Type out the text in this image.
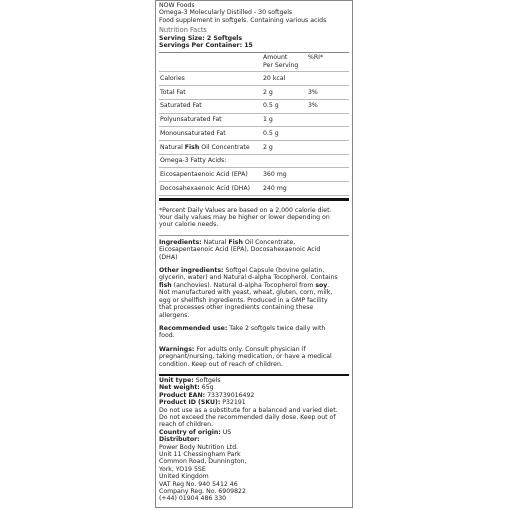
NOW Foods
Omega-3 Molecularly Distilled - 30 softgels
Food supplement in softgels. Containing various acids
Nutrition Facts
Serving Size: 2 Softgels
Servings Per Container: 15
Amount
Per Serving
%RI*
Calories	20 kcal
Total Fat	2 g	3%
Saturated Fat	0.5 g	3%
Polyunsaturated Fat	1 g
Monounsaturated Fat	0.5 g
Natural Fish Oil Concentrate	2 g
Omega-3 Fatty Acids:
Eicosapentaenoic Acid (EPA)	360 mg
Docosahexaenoic Acid (DHA)	240 mg
*Percent Daily Values are based on a 2,000 calorie diet.
Your daily values may be higher or lower depending on
your calorie needs.
Ingredients: Natural Fish Oil Concentrate,
Eicosapentaenoic Acid (EPA), Docosahexaenoic Acid
(DHA)
Other ingredients: Softgel Capsule (bovine gelatin,
glycerin, water) and Natural d-alpha Tocopherol. Contains
fish (anchovies). Natural d-alpha Tocopherol from soy.
Not manufactured with yeast, wheat, gluten, corn, milk,
egg or shellfish ingredients. Produced in a GMP facility
that processes other ingredients containing these
allergens.
Recommended use: Take 2 softgels twice daily with
food.
Warnings: For adults only. Consult physician if
pregnant/nursing, taking medication, or have a medical
condition. Keep out of reach of children.
Unit type: Softgels
Net weight: 65g
Product EAN: 733739016492
Product ID (SKU): P32191
Do not use as a substitute for a balanced and varied diet.
Do not exceed the recommended daily dose. Keep out of
reach of children.
Country of origin: US
Distributor:
Power Body Nutrition Ltd.
Unit 11 Chessingham Park
Common Road, Dunnington,
York, YO19 5SE
United Kingdom
VAT Reg No. 940 5412 46
Company Reg. No. 6909822
(+44) 01904 486 330
